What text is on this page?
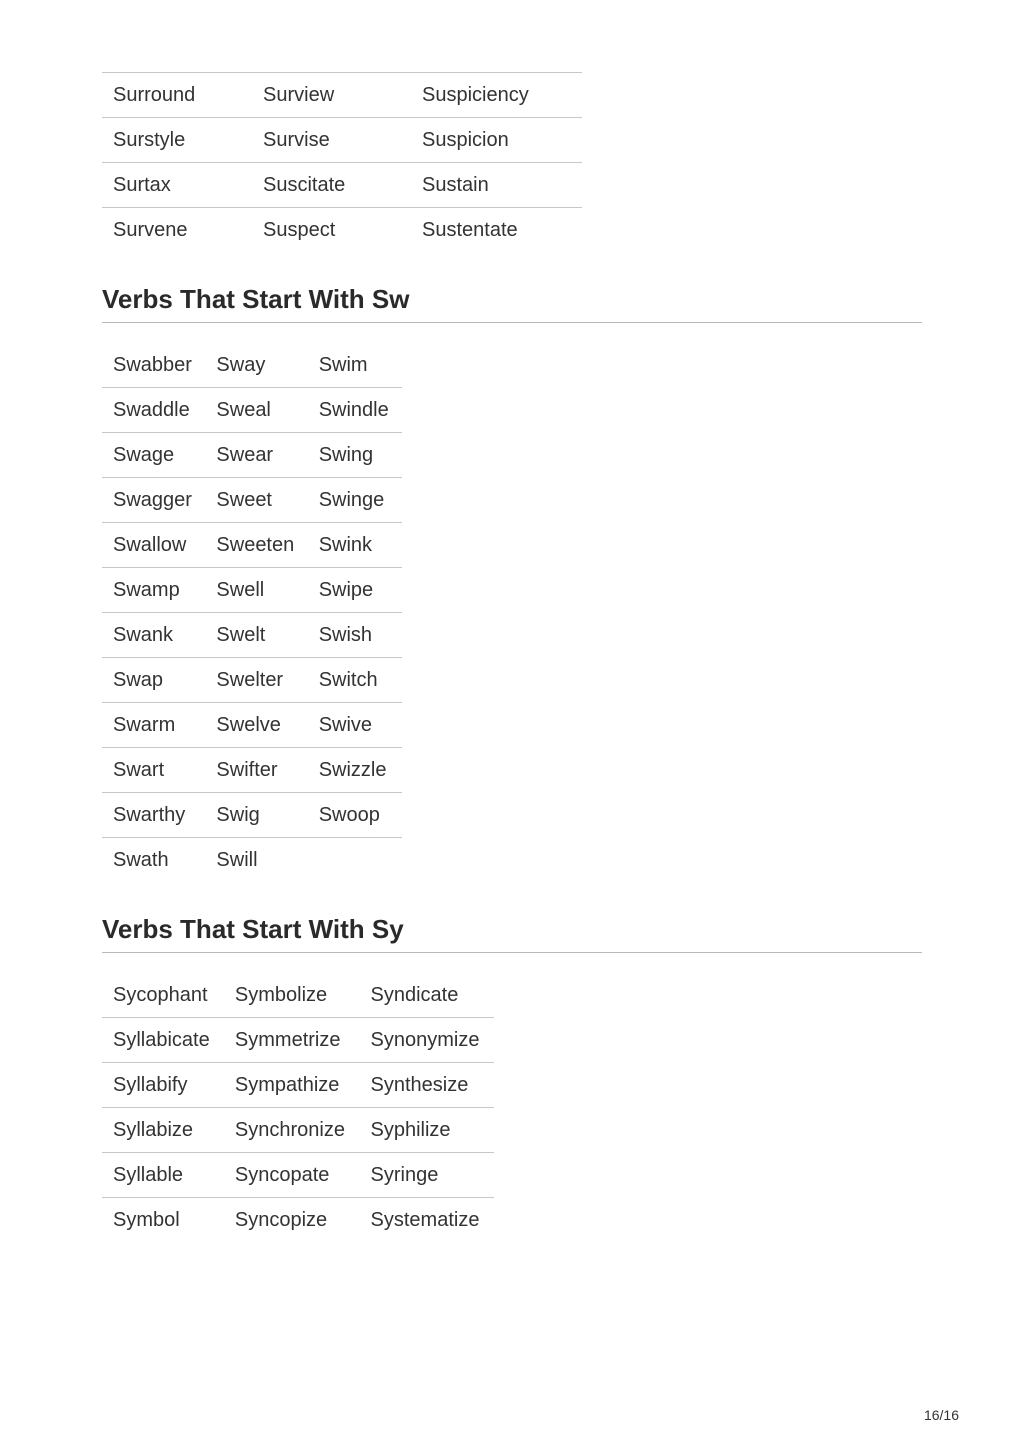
Surround	Surview	Suspiciency
Surstyle	Survise	Suspicion
Surtax	Suscitate	Sustain
Survene	Suspect	Sustentate
Verbs That Start With Sw
Swabber	Sway	Swim
Swaddle	Sweal	Swindle
Swage	Swear	Swing
Swagger	Sweet	Swinge
Swallow	Sweeten	Swink
Swamp	Swell	Swipe
Swank	Swelt	Swish
Swap	Swelter	Switch
Swarm	Swelve	Swive
Swart	Swifter	Swizzle
Swarthy	Swig	Swoop
Swath	Swill	
Verbs That Start With Sy
Sycophant	Symbolize	Syndicate
Syllabicate	Symmetrize	Synonymize
Syllabify	Sympathize	Synthesize
Syllabize	Synchronize	Syphilize
Syllable	Syncopate	Syringe
Symbol	Syncopize	Systematize
16/16
